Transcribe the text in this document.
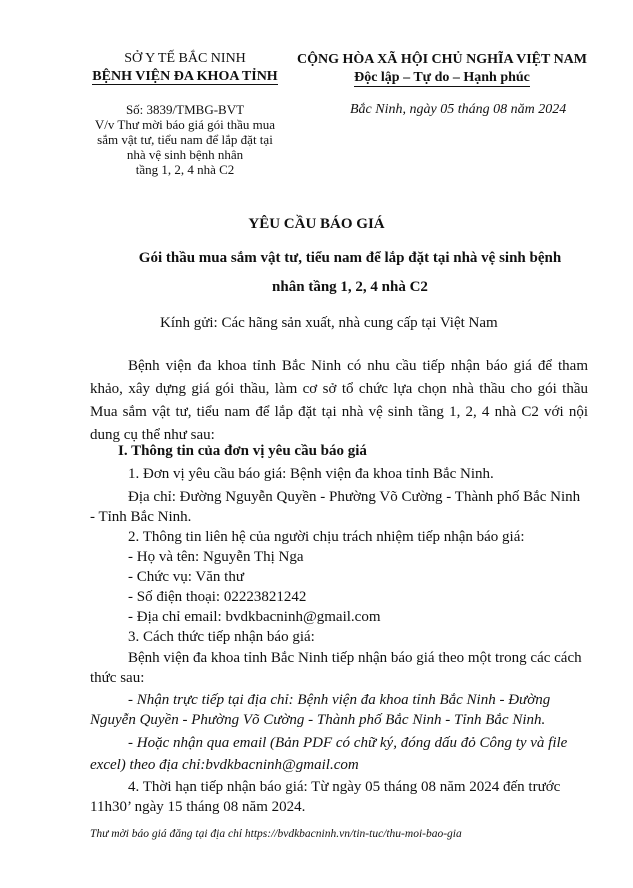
SỞ Y TẾ BẮC NINH
BỆNH VIỆN ĐA KHOA TỈNH
CỘNG HÒA XÃ HỘI CHỦ NGHĨA VIỆT NAM
Độc lập – Tự do – Hạnh phúc
Số: 3839/TMBG-BVT
V/v Thư mời báo giá gói thầu mua
sắm vật tư, tiểu nam để lắp đặt tại
nhà vệ sinh bệnh nhân
tầng 1, 2, 4 nhà C2
Bắc Ninh, ngày 05 tháng 08 năm 2024
YÊU CẦU BÁO GIÁ
Gói thầu mua sắm vật tư, tiểu nam để lắp đặt tại nhà vệ sinh bệnh
nhân tầng 1, 2, 4 nhà C2
Kính gửi: Các hãng sản xuất, nhà cung cấp tại Việt Nam
Bệnh viện đa khoa tỉnh Bắc Ninh có nhu cầu tiếp nhận báo giá để tham khảo, xây dựng giá gói thầu, làm cơ sở tổ chức lựa chọn nhà thầu cho gói thầu Mua sắm vật tư, tiểu nam để lắp đặt tại nhà vệ sinh tầng 1, 2, 4 nhà C2 với nội dung cụ thể như sau:
I. Thông tin của đơn vị yêu cầu báo giá
1. Đơn vị yêu cầu báo giá: Bệnh viện đa khoa tỉnh Bắc Ninh.
Địa chỉ: Đường Nguyễn Quyền - Phường Võ Cường - Thành phố Bắc Ninh
- Tỉnh Bắc Ninh.
2. Thông tin liên hệ của người chịu trách nhiệm tiếp nhận báo giá:
- Họ và tên: Nguyễn Thị Nga
- Chức vụ: Văn thư
- Số điện thoại: 02223821242
- Địa chỉ email: bvdkbacninh@gmail.com
3. Cách thức tiếp nhận báo giá:
Bệnh viện đa khoa tỉnh Bắc Ninh tiếp nhận báo giá theo một trong các cách
thức sau:
- Nhận trực tiếp tại địa chỉ: Bệnh viện đa khoa tỉnh Bắc Ninh - Đường
Nguyễn Quyền - Phường Võ Cường - Thành phố Bắc Ninh - Tỉnh Bắc Ninh.
- Hoặc nhận qua email (Bản PDF có chữ ký, đóng dấu đỏ Công ty và file
excel) theo địa chỉ:bvdkbacninh@gmail.com
4. Thời hạn tiếp nhận báo giá: Từ ngày 05 tháng 08 năm 2024 đến trước
11h30’ ngày 15 tháng 08 năm 2024.
Thư mời báo giá đăng tại địa chỉ https://bvdkbacninh.vn/tin-tuc/thu-moi-bao-gia
